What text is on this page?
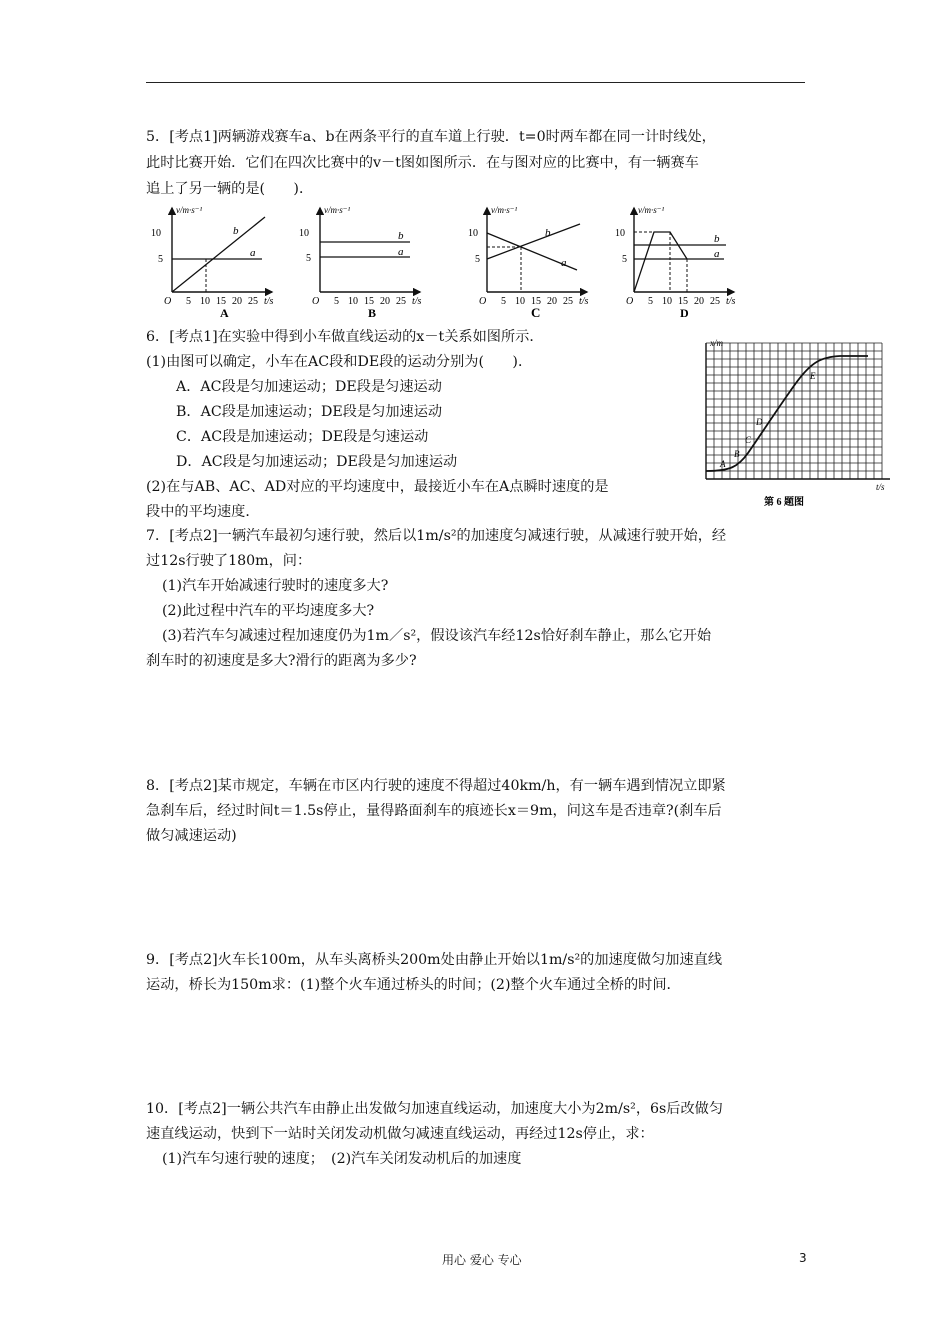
5．[考点1]两辆游戏赛车a、b在两条平行的直车道上行驶．t=0时两车都在同一计时线处，
此时比赛开始．它们在四次比赛中的v－t图如图所示．在与图对应的比赛中，有一辆赛车
追上了另一辆的是(　　)．
v/m·s⁻¹
10
5
O 5 10 15 20 25 t/s
b
a
A
v/m·s⁻¹
10
5
O 5 10 15 20 25 t/s
b
a
B
v/m·s⁻¹
10
5
O 5 10 15 20 25 t/s
b
a
C
v/m·s⁻¹
10
5
O 5 10 15 20 25 t/s
b
a
D
6．[考点1]在实验中得到小车做直线运动的x－t关系如图所示．
(1)由图可以确定，小车在AC段和DE段的运动分别为(　　)．
A．AC段是匀加速运动；DE段是匀速运动
B．AC段是加速运动；DE段是匀加速运动
C．AC段是加速运动；DE段是匀速运动
D．AC段是匀加速运动；DE段是匀加速运动
(2)在与AB、AC、AD对应的平均速度中，最接近小车在A点瞬时速度的是
段中的平均速度．
x/m
t/s
A
B
C
D
E
第 6 题图
7．[考点2]一辆汽车最初匀速行驶，然后以1m/s²的加速度匀减速行驶，从减速行驶开始，经
过12s行驶了180m，问：
(1)汽车开始减速行驶时的速度多大?
(2)此过程中汽车的平均速度多大?
(3)若汽车匀减速过程加速度仍为1m／s²，假设该汽车经12s恰好刹车静止，那么它开始
刹车时的初速度是多大?滑行的距离为多少?
8．[考点2]某市规定，车辆在市区内行驶的速度不得超过40km/h，有一辆车遇到情况立即紧
急刹车后，经过时间t＝1.5s停止，量得路面刹车的痕迹长x＝9m，问这车是否违章?(刹车后
做匀减速运动)
9．[考点2]火车长100m，从车头离桥头200m处由静止开始以1m/s²的加速度做匀加速直线
运动，桥长为150m求：(1)整个火车通过桥头的时间；(2)整个火车通过全桥的时间．
10．[考点2]一辆公共汽车由静止出发做匀加速直线运动，加速度大小为2m/s²，6s后改做匀
速直线运动，快到下一站时关闭发动机做匀减速直线运动，再经过12s停止，求：
(1)汽车匀速行驶的速度；　(2)汽车关闭发动机后的加速度
用心 爱心 专心	3
